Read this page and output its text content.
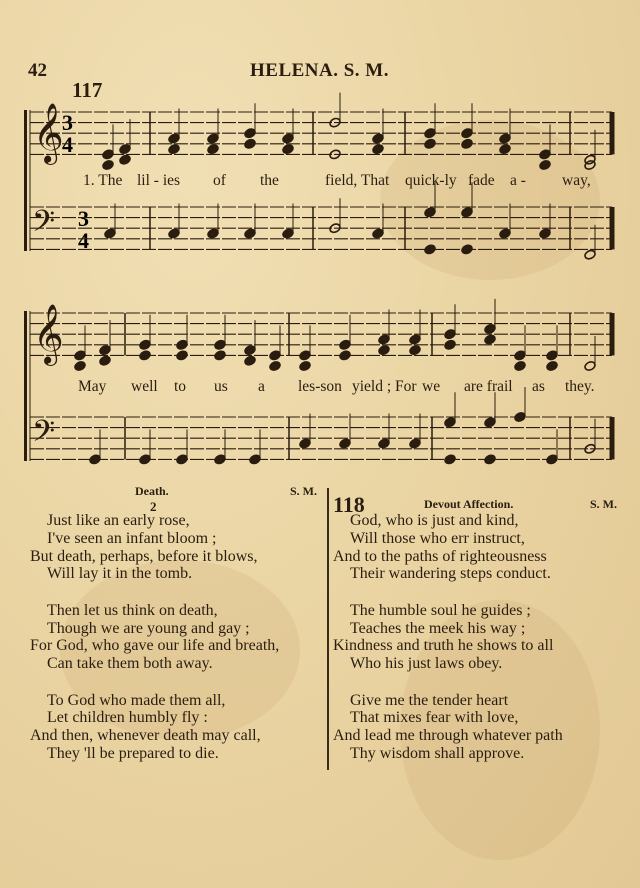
42	HELENA. S. M.
117
3
4
3
4
𝄞
𝄢
𝄞
𝄢
1. The lil - ies of the	field, That quick-ly fade a - way,
May well to us a les-son yield ; For we are frail as they.
Death.	S. M.
2
Just like an early rose,
I've seen an infant bloom ;
But death, perhaps, before it blows,
Will lay it in the tomb.
Then let us think on death,
Though we are young and gay ;
For God, who gave our life and breath,
Can take them both away.
To God who made them all,
Let children humbly fly :
And then, whenever death may call,
They 'll be prepared to die.
118	Devout Affection.	S. M.
God, who is just and kind,
Will those who err instruct,
And to the paths of righteousness
Their wandering steps conduct.
The humble soul he guides ;
Teaches the meek his way ;
Kindness and truth he shows to all
Who his just laws obey.
Give me the tender heart
That mixes fear with love,
And lead me through whatever path
Thy wisdom shall approve.
